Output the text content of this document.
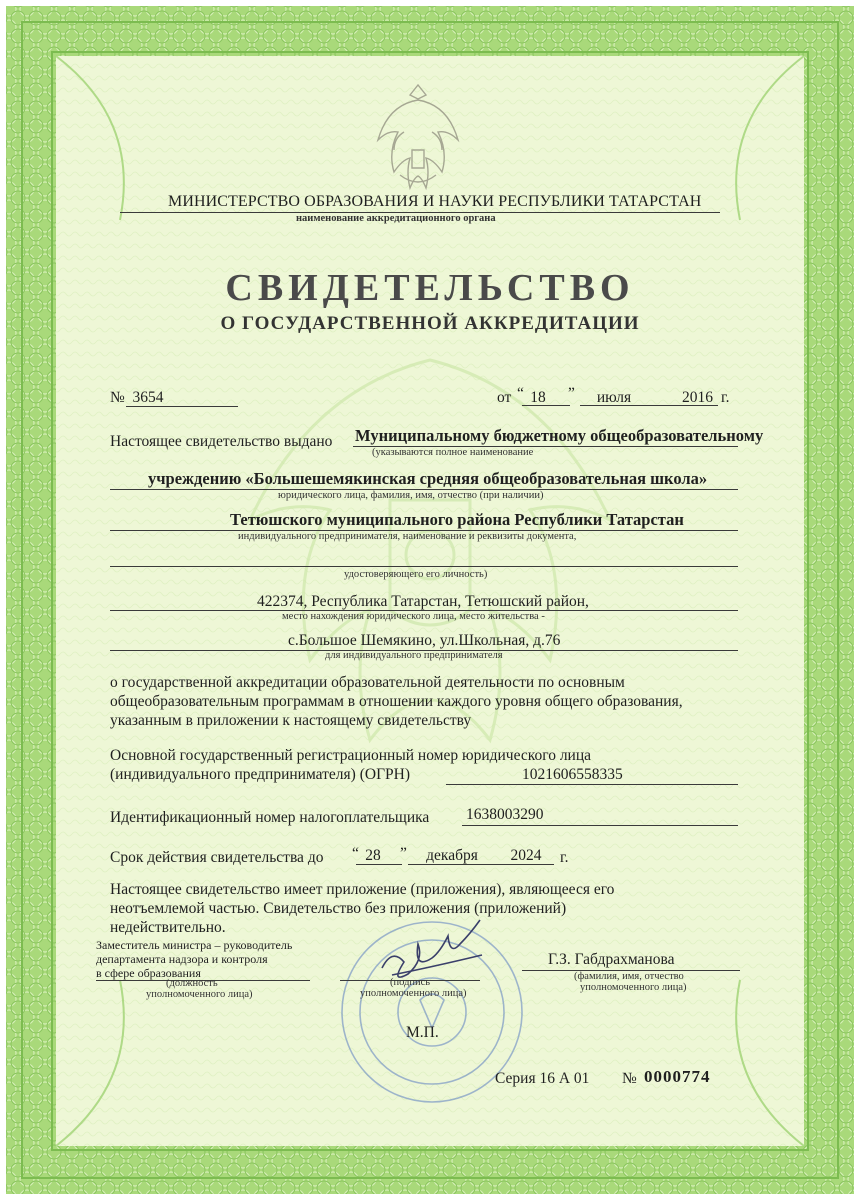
МИНИСТЕРСТВО ОБРАЗОВАНИЯ И НАУКИ РЕСПУБЛИКИ ТАТАРСТАН
наименование аккредитационного органа
СВИДЕТЕЛЬСТВО
О ГОСУДАРСТВЕННОЙ АККРЕДИТАЦИИ
№ 3654	от “ 18	”	июля	2016 г.
Настоящее свидетельство выдано Муниципальному бюджетному общеобразовательному
(указываются полное наименование
учреждению «Большешемякинская средняя общеобразовательная школа»
юридического лица, фамилия, имя, отчество (при наличии)
Тетюшского муниципального района Республики Татарстан
индивидуального предпринимателя, наименование и реквизиты документа,
удостоверяющего его личность)
422374, Республика Татарстан, Тетюшский район,
место нахождения юридического лица, место жительства -
с.Большое Шемякино, ул.Школьная, д.76
для индивидуального предпринимателя
о государственной аккредитации образовательной деятельности по основным
общеобразовательным программам в отношении каждого уровня общего образования,
указанным в приложении к настоящему свидетельству
Основной государственный регистрационный номер юридического лица
(индивидуального предпринимателя) (ОГРН)	1021606558335
Идентификационный номер налогоплательщика 1638003290
Срок действия свидетельства до “ 28	”	декабря	2024 г.
Настоящее свидетельство имеет приложение (приложения), являющееся его
неотъемлемой частью. Свидетельство без приложения (приложений)
недействительно.
Заместитель министра – руководитель
департамента надзора и контроля
в сфере образования
(должность
уполномоченного лица)
(подпись
уполномоченного лица)
Г.З. Габдрахманова
(фамилия, имя, отчество
уполномоченного лица)
М.П.
Серия 16 А 01 № 0000774
